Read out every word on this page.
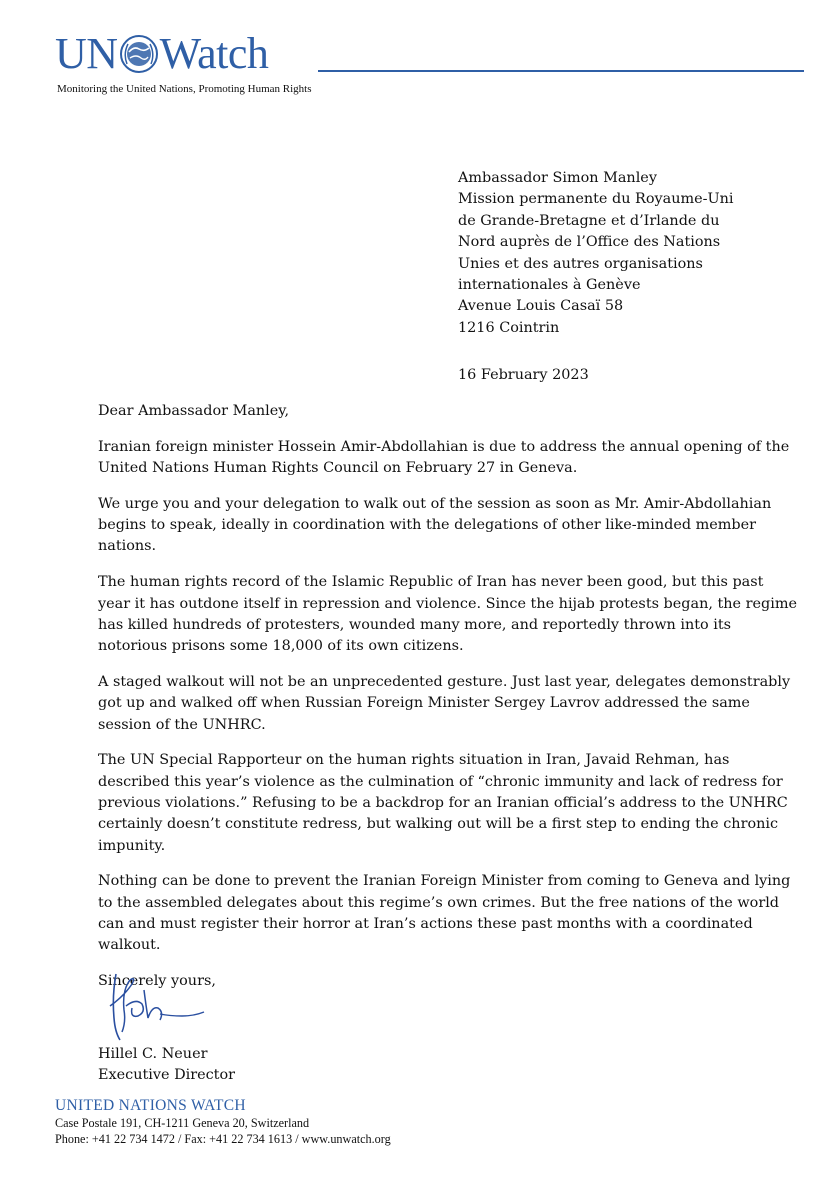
UN Watch
Monitoring the United Nations, Promoting Human Rights
Ambassador Simon Manley
Mission permanente du Royaume-Uni
de Grande-Bretagne et d’Irlande du
Nord auprès de l’Office des Nations
Unies et des autres organisations
internationales à Genève
Avenue Louis Casaï 58
1216 Cointrin
16 February 2023

Dear Ambassador Manley,

Iranian foreign minister Hossein Amir-Abdollahian is due to address the annual opening of the United Nations Human Rights Council on February 27 in Geneva.

We urge you and your delegation to walk out of the session as soon as Mr. Amir-Abdollahian begins to speak, ideally in coordination with the delegations of other like-minded member nations.

The human rights record of the Islamic Republic of Iran has never been good, but this past year it has outdone itself in repression and violence. Since the hijab protests began, the regime has killed hundreds of protesters, wounded many more, and reportedly thrown into its notorious prisons some 18,000 of its own citizens.

A staged walkout will not be an unprecedented gesture. Just last year, delegates demonstrably got up and walked off when Russian Foreign Minister Sergey Lavrov addressed the same session of the UNHRC.

The UN Special Rapporteur on the human rights situation in Iran, Javaid Rehman, has described this year’s violence as the culmination of “chronic immunity and lack of redress for previous violations.” Refusing to be a backdrop for an Iranian official’s address to the UNHRC certainly doesn’t constitute redress, but walking out will be a first step to ending the chronic impunity.

Nothing can be done to prevent the Iranian Foreign Minister from coming to Geneva and lying to the assembled delegates about this regime’s own crimes. But the free nations of the world can and must register their horror at Iran’s actions these past months with a coordinated walkout.

Sincerely yours,

Hillel C. Neuer
Executive Director
UNITED NATIONS WATCH
Case Postale 191, CH-1211 Geneva 20, Switzerland
Phone: +41 22 734 1472 / Fax: +41 22 734 1613 / www.unwatch.org
